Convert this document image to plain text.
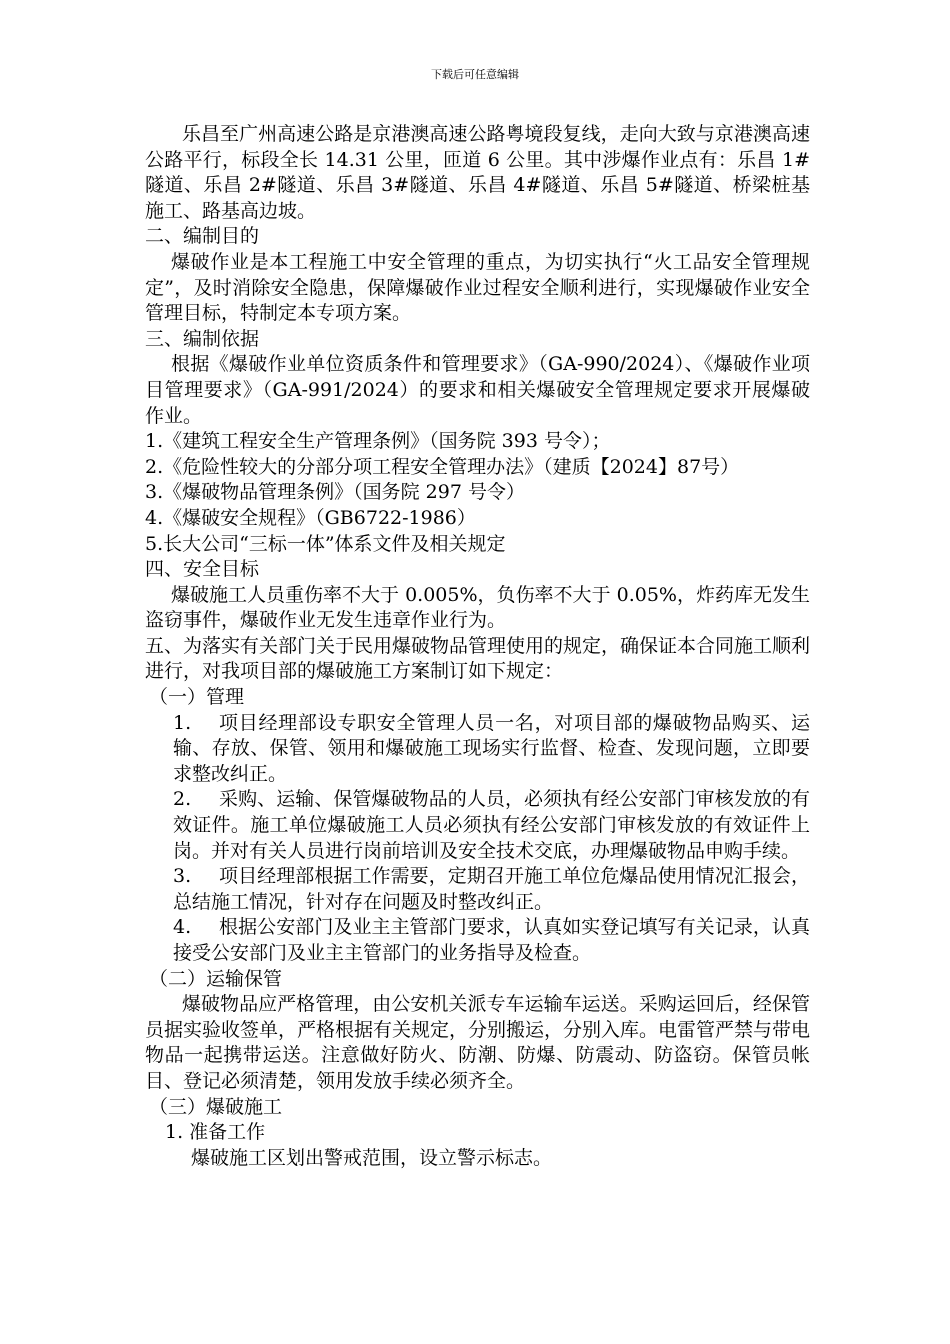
下载后可任意编辑

乐昌至广州高速公路是京港澳高速公路粤境段复线，走向大致与京港澳高速公路平行，标段全长 14.31 公里，匝道 6 公里。其中涉爆作业点有：乐昌 1#隧道、乐昌 2#隧道、乐昌 3#隧道、乐昌 4#隧道、乐昌 5#隧道、桥梁桩基施工、路基高边坡。

二、编制目的

爆破作业是本工程施工中安全管理的重点，为切实执行“火工品安全管理规定”，及时消除安全隐患，保障爆破作业过程安全顺利进行，实现爆破作业安全管理目标，特制定本专项方案。

三、编制依据

根据《爆破作业单位资质条件和管理要求》（GA-990/2024）、《爆破作业项目管理要求》（GA-991/2024）的要求和相关爆破安全管理规定要求开展爆破作业。

1.《建筑工程安全生产管理条例》（国务院 393 号令）；

2.《危险性较大的分部分项工程安全管理办法》（建质【2024】87号）

3.《爆破物品管理条例》（国务院 297 号令）

4.《爆破安全规程》（GB6722-1986）

5.长大公司“三标一体”体系文件及相关规定

四、安全目标

爆破施工人员重伤率不大于 0.005%，负伤率不大于 0.05%，炸药库无发生盗窃事件，爆破作业无发生违章作业行为。

五、为落实有关部门关于民用爆破物品管理使用的规定，确保证本合同施工顺利进行，对我项目部的爆破施工方案制订如下规定：

（一）管理

1.	项目经理部设专职安全管理人员一名，对项目部的爆破物品购买、运输、存放、保管、领用和爆破施工现场实行监督、检查、发现问题，立即要求整改纠正。
2.	采购、运输、保管爆破物品的人员，必须执有经公安部门审核发放的有效证件。施工单位爆破施工人员必须执有经公安部门审核发放的有效证件上岗。并对有关人员进行岗前培训及安全技术交底，办理爆破物品申购手续。
3.	项目经理部根据工作需要，定期召开施工单位危爆品使用情况汇报会，总结施工情况，针对存在问题及时整改纠正。
4.	根据公安部门及业主主管部门要求，认真如实登记填写有关记录，认真接受公安部门及业主主管部门的业务指导及检查。

（二）运输保管

爆破物品应严格管理，由公安机关派专车运输车运送。采购运回后，经保管员据实验收签单，严格根据有关规定，分别搬运，分别入库。电雷管严禁与带电物品一起携带运送。注意做好防火、防潮、防爆、防震动、防盗窃。保管员帐目、登记必须清楚，领用发放手续必须齐全。

（三）爆破施工

1. 准备工作

爆破施工区划出警戒范围，设立警示标志。
